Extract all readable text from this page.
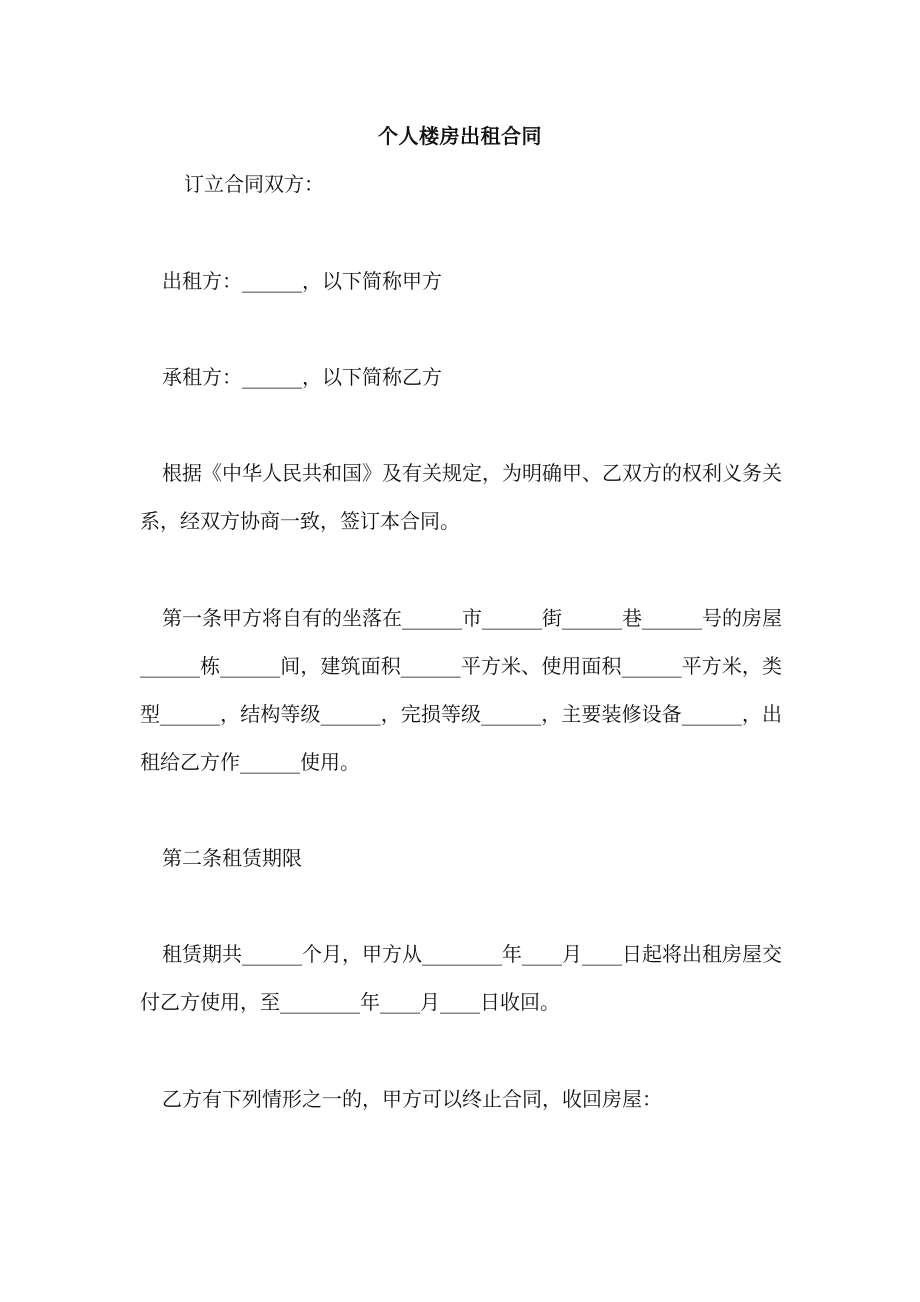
个人楼房出租合同

订立合同双方：

出租方：______，以下简称甲方

承租方：______，以下简称乙方

根据《中华人民共和国》及有关规定，为明确甲、乙双方的权利义务关系，经双方协商一致，签订本合同。

第一条甲方将自有的坐落在______市______街______巷______号的房屋______栋______间，建筑面积______平方米、使用面积______平方米，类型______，结构等级______，完损等级______，主要装修设备______，出租给乙方作______使用。

第二条租赁期限

租赁期共______个月，甲方从________年____月____日起将出租房屋交付乙方使用，至________年____月____日收回。

乙方有下列情形之一的，甲方可以终止合同，收回房屋：
